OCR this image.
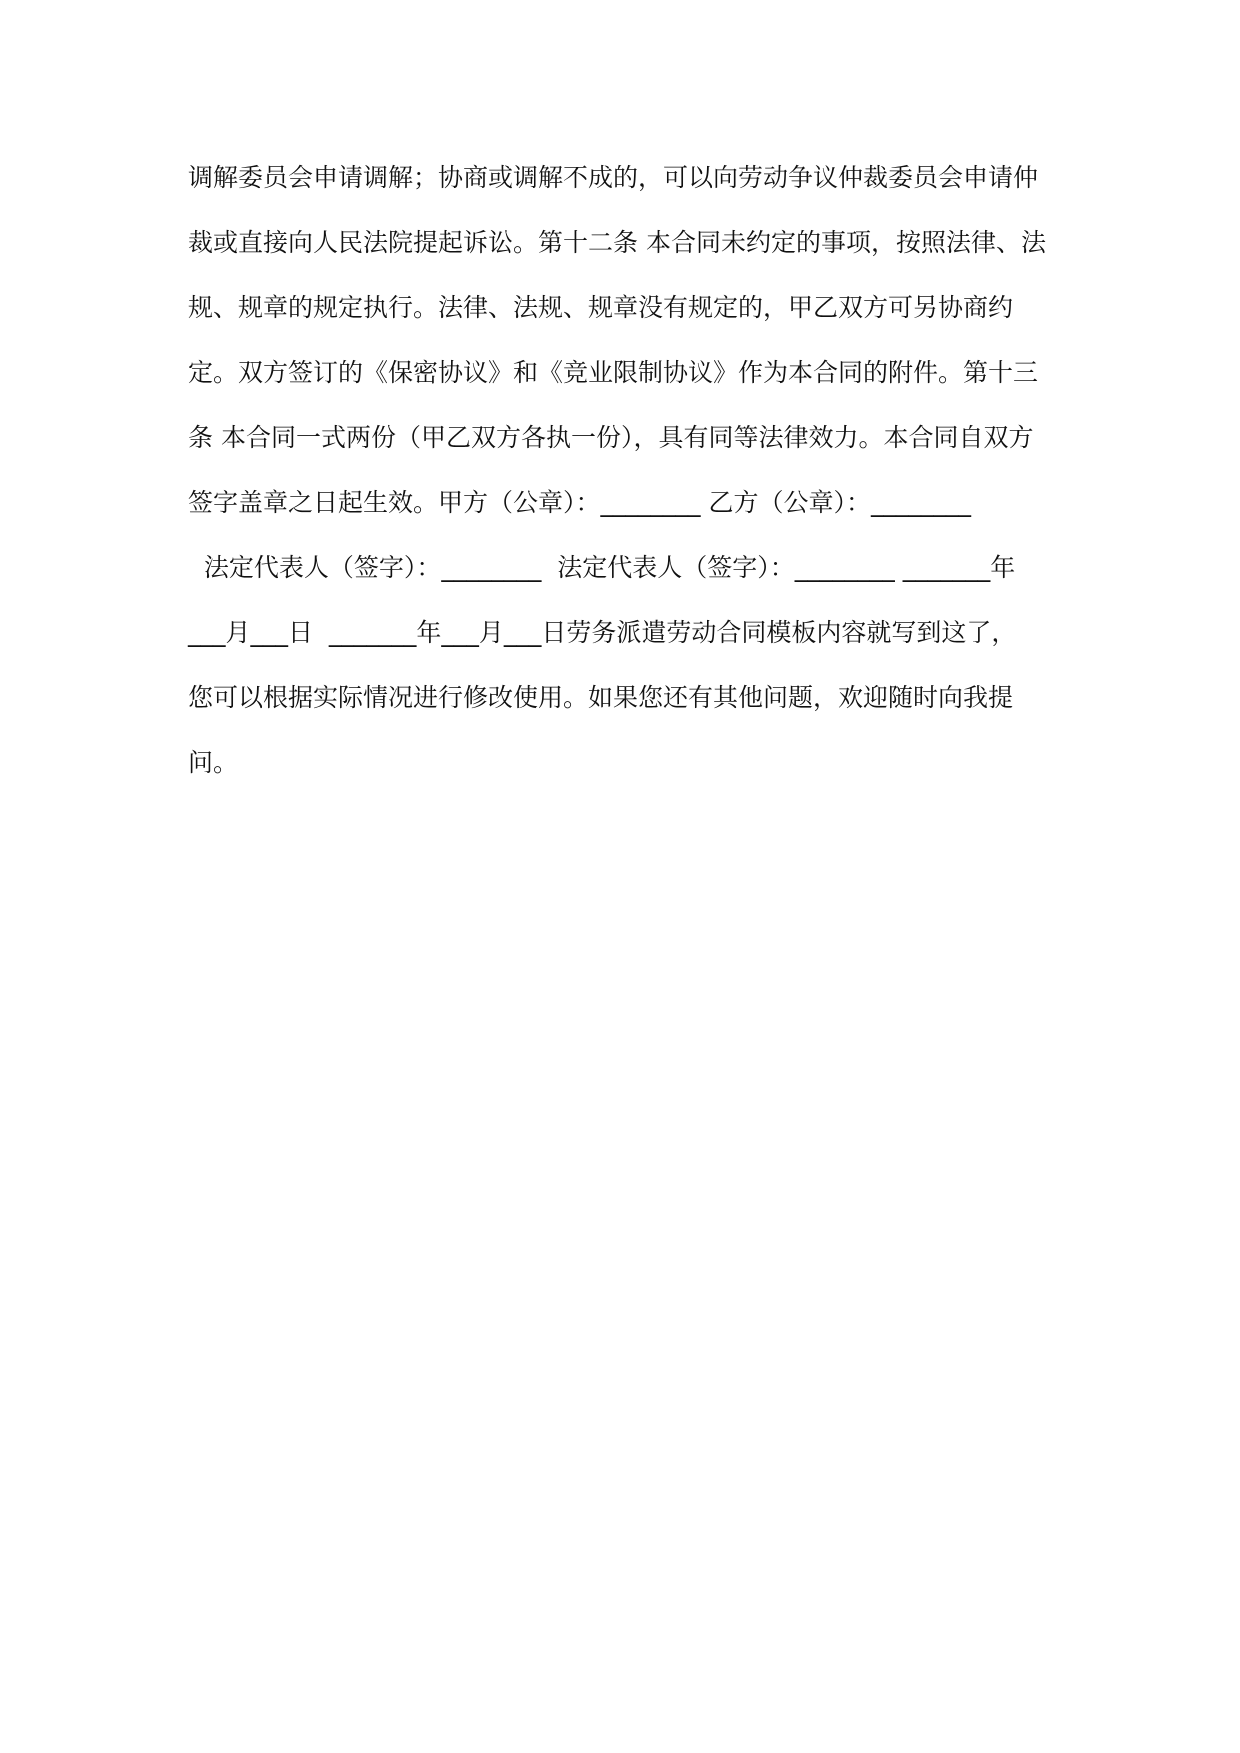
调解委员会申请调解；协商或调解不成的，可以向劳动争议仲裁委员会申请仲
裁或直接向人民法院提起诉讼。第十二条 本合同未约定的事项，按照法律、法
规、规章的规定执行。法律、法规、规章没有规定的，甲乙双方可另协商约
定。双方签订的《保密协议》和《竞业限制协议》作为本合同的附件。第十三
条 本合同一式两份（甲乙双方各执一份），具有同等法律效力。本合同自双方
签字盖章之日起生效。甲方（公章）：________ 乙方（公章）：________
法定代表人（签字）：________  法定代表人（签字）：________ _______年
___月___日  _______年___月___日劳务派遣劳动合同模板内容就写到这了，
您可以根据实际情况进行修改使用。如果您还有其他问题，欢迎随时向我提
问。
